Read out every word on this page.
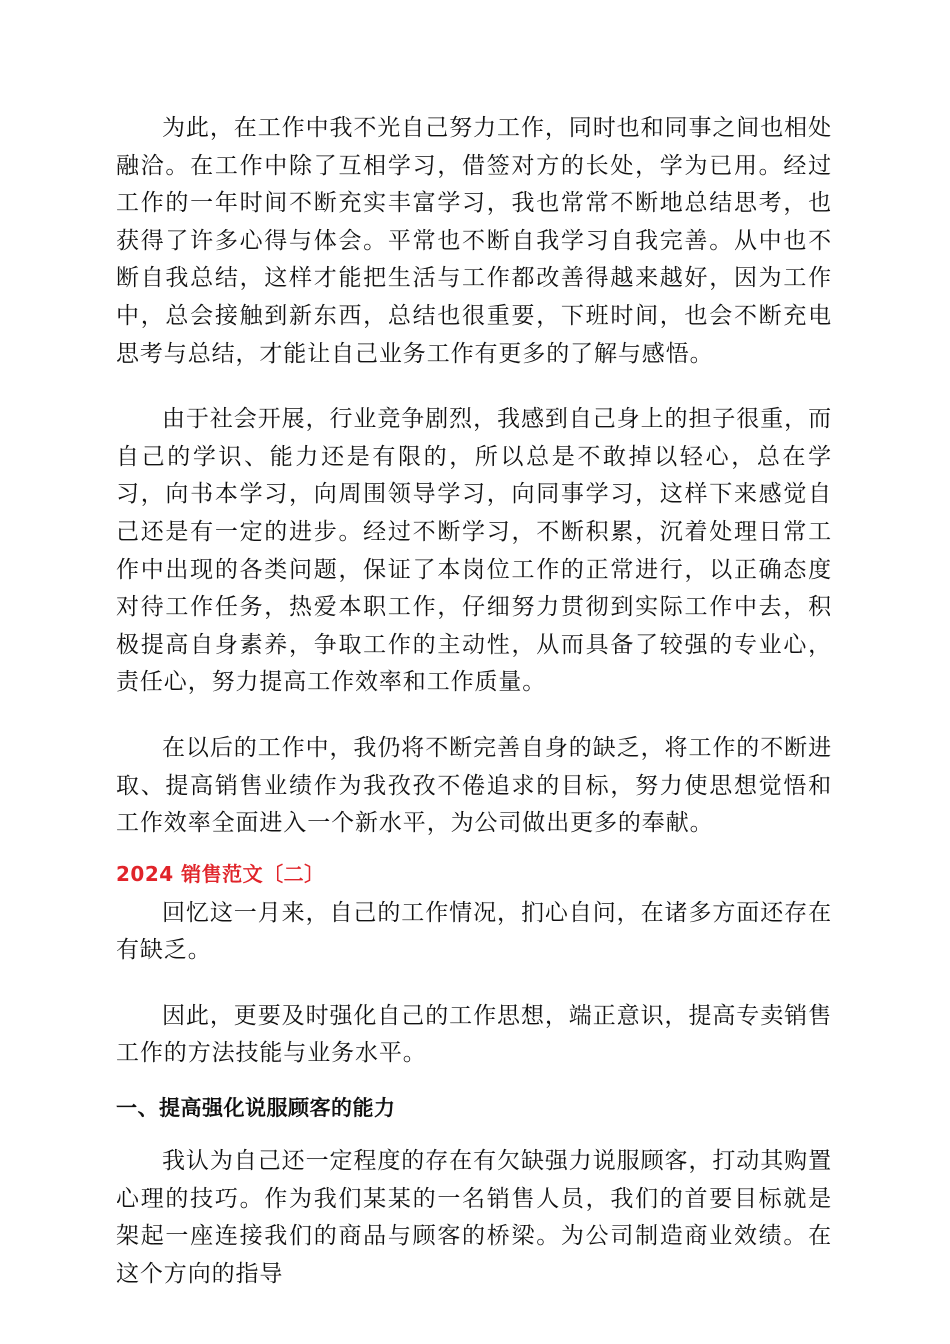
为此，在工作中我不光自己努力工作，同时也和同事之间也相处融洽。在工作中除了互相学习，借签对方的长处，学为已用。经过工作的一年时间不断充实丰富学习，我也常常不断地总结思考，也获得了许多心得与体会。平常也不断自我学习自我完善。从中也不断自我总结，这样才能把生活与工作都改善得越来越好，因为工作中，总会接触到新东西，总结也很重要，下班时间，也会不断充电思考与总结，才能让自己业务工作有更多的了解与感悟。

由于社会开展，行业竞争剧烈，我感到自己身上的担子很重，而自己的学识、能力还是有限的，所以总是不敢掉以轻心，总在学习，向书本学习，向周围领导学习，向同事学习，这样下来感觉自己还是有一定的进步。经过不断学习，不断积累，沉着处理日常工作中出现的各类问题，保证了本岗位工作的正常进行，以正确态度对待工作任务，热爱本职工作，仔细努力贯彻到实际工作中去，积极提高自身素养，争取工作的主动性，从而具备了较强的专业心，责任心，努力提高工作效率和工作质量。

在以后的工作中，我仍将不断完善自身的缺乏，将工作的不断进取、提高销售业绩作为我孜孜不倦追求的目标，努力使思想觉悟和工作效率全面进入一个新水平，为公司做出更多的奉献。

2024 销售范文〔二〕

回忆这一月来，自己的工作情况，扪心自问，在诸多方面还存在有缺乏。

因此，更要及时强化自己的工作思想，端正意识，提高专卖销售工作的方法技能与业务水平。

一、提高强化说服顾客的能力

我认为自己还一定程度的存在有欠缺强力说服顾客，打动其购置心理的技巧。作为我们某某的一名销售人员，我们的首要目标就是架起一座连接我们的商品与顾客的桥梁。为公司制造商业效绩。在这个方向的指导
